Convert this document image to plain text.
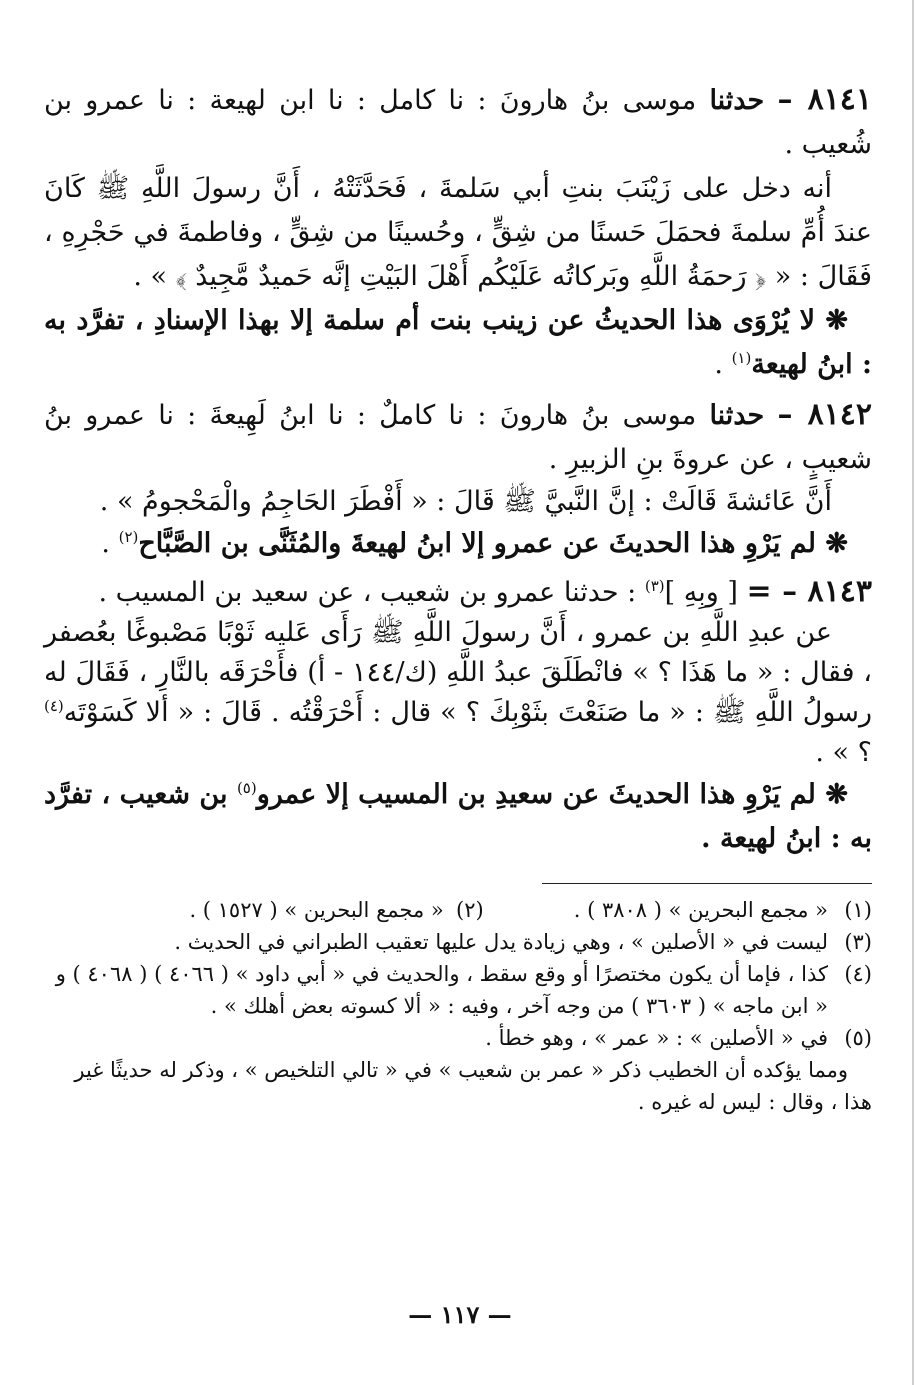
٨١٤١ – حدثنا موسى بنُ هارونَ : نا كامل : نا ابن لهيعة : نا عمرو بن شُعيب .

أنه دخل على زَيْنَبَ بنتِ أبي سَلمةَ ، فَحَدَّثَتْهُ ، أَنَّ رسولَ اللَّهِ ﷺ كَانَ عندَ أُمِّ سلمةَ فحمَلَ حَسنًا من شِقٍّ ، وحُسينًا من شِقٍّ ، وفاطمةَ في حَجْرِهِ ، فَقَالَ : « ﴿ رَحمَةُ اللَّهِ وبَركاتُه عَلَيْكُم أَهْلَ البَيْتِ إنَّه حَميدٌ مَّجِيدٌ ﴾ » .

❋ لا يُرْوَى هذا الحديثُ عن زينب بنت أم سلمة إلا بهذا الإسنادِ ، تفرَّد به : ابنُ لهيعة$^{(١)}$ .

٨١٤٢ – حدثنا موسى بنُ هارونَ : نا كاملٌ : نا ابنُ لَهِيعةَ : نا عمرو بنُ شعيبٍ ، عن عروةَ بنِ الزبيرِ .

أَنَّ عَائشةَ قَالَتْ : إنَّ النَّبيَّ ﷺ قَالَ : « أَفْطَرَ الحَاجِمُ والْمَحْجومُ » .

❋ لم يَرْوِ هذا الحديثَ عن عمرو إلا ابنُ لهيعةَ والمُثَنَّى بن الصَّبَّاح$^{(٢)}$ .

٨١٤٣ – = [ وبِهِ ]$^{(٣)}$ : حدثنا عمرو بن شعيب ، عن سعيد بن المسيب .

عن عبدِ اللَّهِ بن عمرو ، أَنَّ رسولَ اللَّهِ ﷺ رَأَى عَليه ثَوْبًا مَصْبوغًا بعُصفر ، فقال : « ما هَذَا ؟ » فانْطَلَقَ عبدُ اللَّهِ (ك/١٤٤ - أ) فأَحْرَقَه بالنَّارِ ، فَقَالَ له رسولُ اللَّهِ ﷺ : « ما صَنَعْتَ بثَوْبِكَ ؟ » قال : أَحْرَقْتُه . قَالَ : « ألا كَسَوْتَه$^{(٤)}$ ؟ » .

❋ لم يَرْوِ هذا الحديثَ عن سعيدِ بن المسيب إلا عمرو$^{(٥)}$ بن شعيب ، تفرَّد به : ابنُ لهيعة .

(١)
« مجمع البحرين » ( ٣٨٠٨ ) .
(٢)
« مجمع البحرين » ( ١٥٢٧ ) .
(٣)
ليست في « الأصلين » ، وهي زيادة يدل عليها تعقيب الطبراني في الحديث .
(٤)
كذا ، فإما أن يكون مختصرًا أو وقع سقط ، والحديث في « أبي داود » ( ٤٠٦٦ ) ( ٤٠٦٨ ) و « ابن ماجه » ( ٣٦٠٣ ) من وجه آخر ، وفيه : « ألا كسوته بعض أهلك » .
(٥)
في « الأصلين » : « عمر » ، وهو خطأ .
ومما يؤكده أن الخطيب ذكر « عمر بن شعيب » في « تالي التلخيص » ، وذكر له حديثًا غير هذا ، وقال : ليس له غيره .
— ١١٧ —
